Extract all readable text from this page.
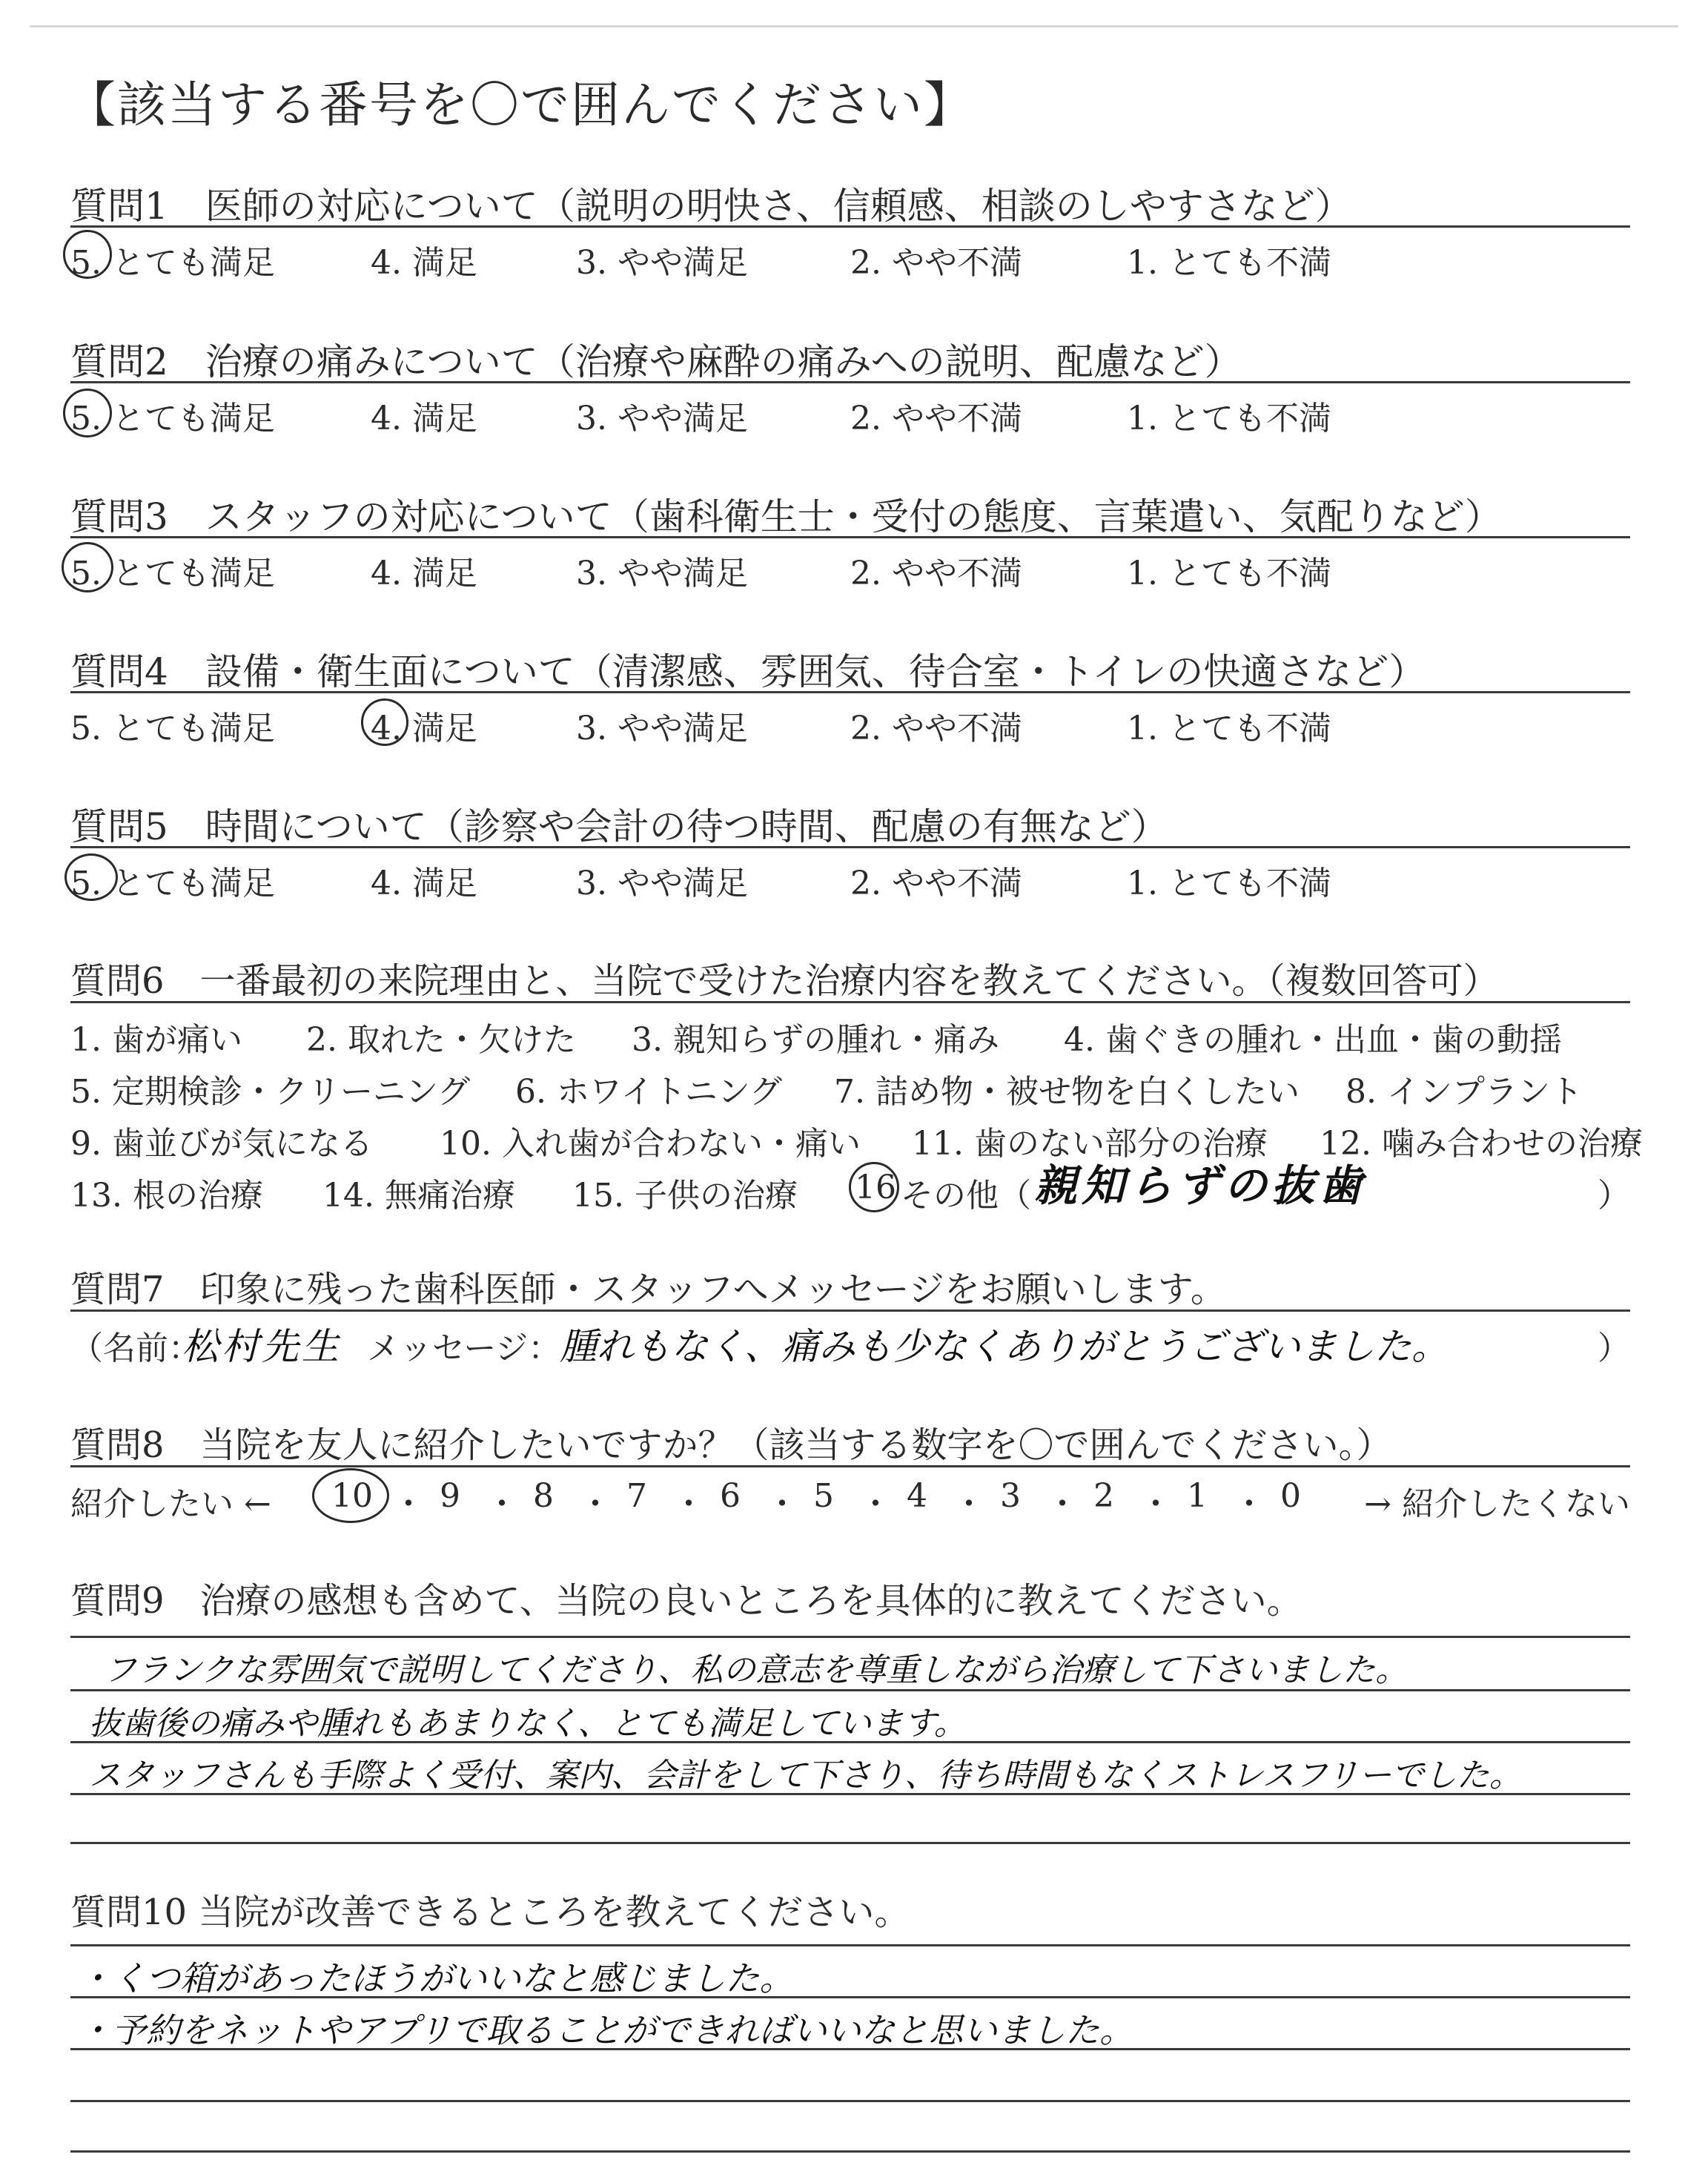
【該当する番号を〇で囲んでください】
質問1　医師の対応について（説明の明快さ、信頼感、相談のしやすさなど）
5. とても満足	4. 満足	3. やや満足	2. やや不満	1. とても不満
質問2　治療の痛みについて（治療や麻酔の痛みへの説明、配慮など）
5. とても満足	4. 満足	3. やや満足	2. やや不満	1. とても不満
質問3　スタッフの対応について（歯科衛生士・受付の態度、言葉遣い、気配りなど）
5. とても満足	4. 満足	3. やや満足	2. やや不満	1. とても不満
質問4　設備・衛生面について（清潔感、雰囲気、待合室・トイレの快適さなど）
5. とても満足	4. 満足	3. やや満足	2. やや不満	1. とても不満
質問5　時間について（診察や会計の待つ時間、配慮の有無など）
5. とても満足	4. 満足	3. やや満足	2. やや不満	1. とても不満
質問6　一番最初の来院理由と、当院で受けた治療内容を教えてください。（複数回答可）
1. 歯が痛い 2. 取れた・欠けた 3. 親知らずの腫れ・痛み 4. 歯ぐきの腫れ・出血・歯の動揺
5. 定期検診・クリーニング 6. ホワイトニング 7. 詰め物・被せ物を白くしたい 8. インプラント
9. 歯並びが気になる 10. 入れ歯が合わない・痛い 11. 歯のない部分の治療 12. 噛み合わせの治療
13. 根の治療 14. 無痛治療 15. 子供の治療 16 その他（ 親知らずの抜歯	）
質問7　印象に残った歯科医師・スタッフへメッセージをお願いします。
（名前：
松村先生 メッセージ：
腫れもなく、痛みも少なくありがとうございました。	）
質問8　当院を友人に紹介したいですか？（該当する数字を〇で囲んでください。）
紹介したい ← 10 ・ 9 ・ 8 ・ 7 ・ 6 ・ 5 ・ 4 ・ 3 ・ 2 ・ 1 ・ 0 → 紹介したくない
質問9　治療の感想も含めて、当院の良いところを具体的に教えてください。
フランクな雰囲気で説明してくださり、私の意志を尊重しながら治療して下さいました。
抜歯後の痛みや腫れもあまりなく、とても満足しています。
スタッフさんも手際よく受付、案内、会計をして下さり、待ち時間もなくストレスフリーでした。
質問10 当院が改善できるところを教えてください。
・くつ箱があったほうがいいなと感じました。
・予約をネットやアプリで取ることができればいいなと思いました。
